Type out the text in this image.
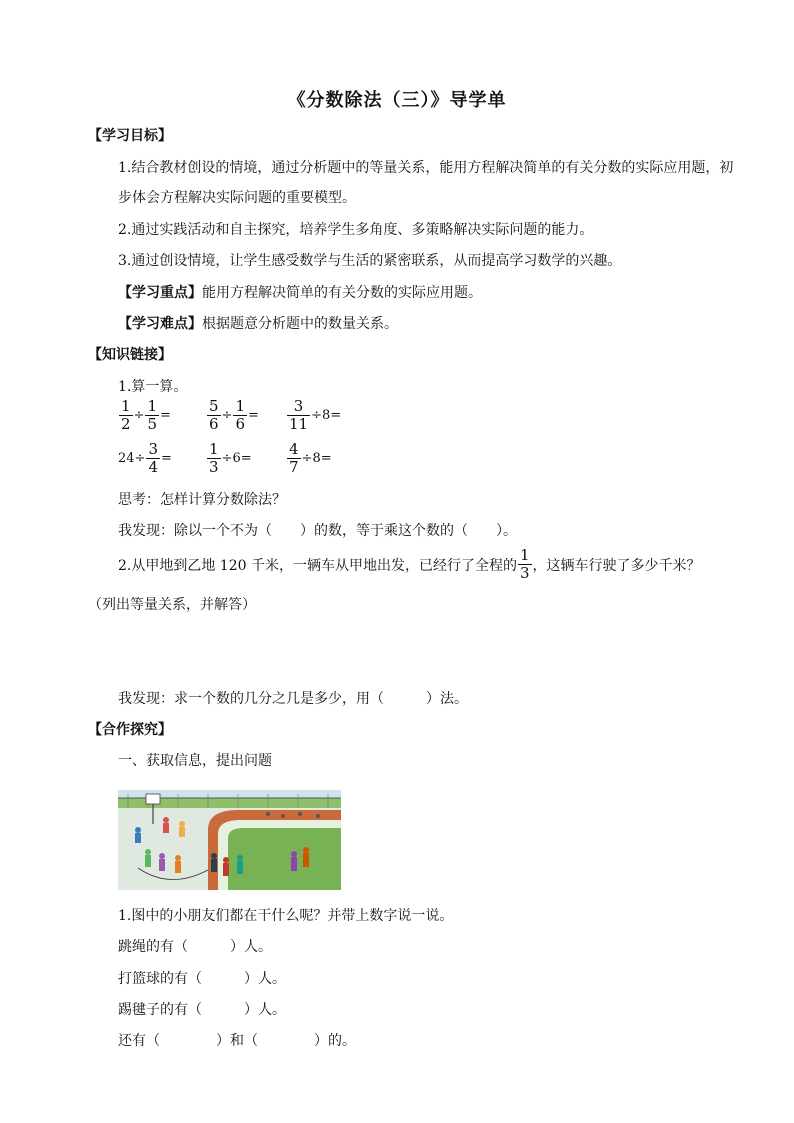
《分数除法（三）》导学单
【学习目标】
1.结合教材创设的情境，通过分析题中的等量关系，能用方程解决简单的有关分数的实际应用题，初
步体会方程解决实际问题的重要模型。
2.通过实践活动和自主探究，培养学生多角度、多策略解决实际问题的能力。
3.通过创设情境，让学生感受数学与生活的紧密联系，从而提高学习数学的兴趣。
【学习重点】能用方程解决简单的有关分数的实际应用题。
【学习难点】根据题意分析题中的数量关系。
【知识链接】
1.算一算。
$\frac{1}{2} \div \frac{1}{5} = \frac{5}{6} \div \frac{1}{6} = \frac{3}{11} \div 8=$
$24\div \frac{3}{4} = \frac{1}{3} \div 6= \frac{4}{7} \div 8=$
思考：怎样计算分数除法？
我发现：除以一个不为（　　）的数，等于乘这个数的（　　）。
2.从甲地到乙地 120 千米，一辆车从甲地出发，已经行了全程的 $\frac{1}{3}$ ，这辆车行驶了多少千米？
（列出等量关系，并解答）
我发现：求一个数的几分之几是多少，用（　　　）法。
【合作探究】
一、获取信息，提出问题
1.图中的小朋友们都在干什么呢？并带上数字说一说。
跳绳的有（　　　）人。
打篮球的有（　　　）人。
踢毽子的有（　　　）人。
还有（　　　　）和（　　　　）的。
